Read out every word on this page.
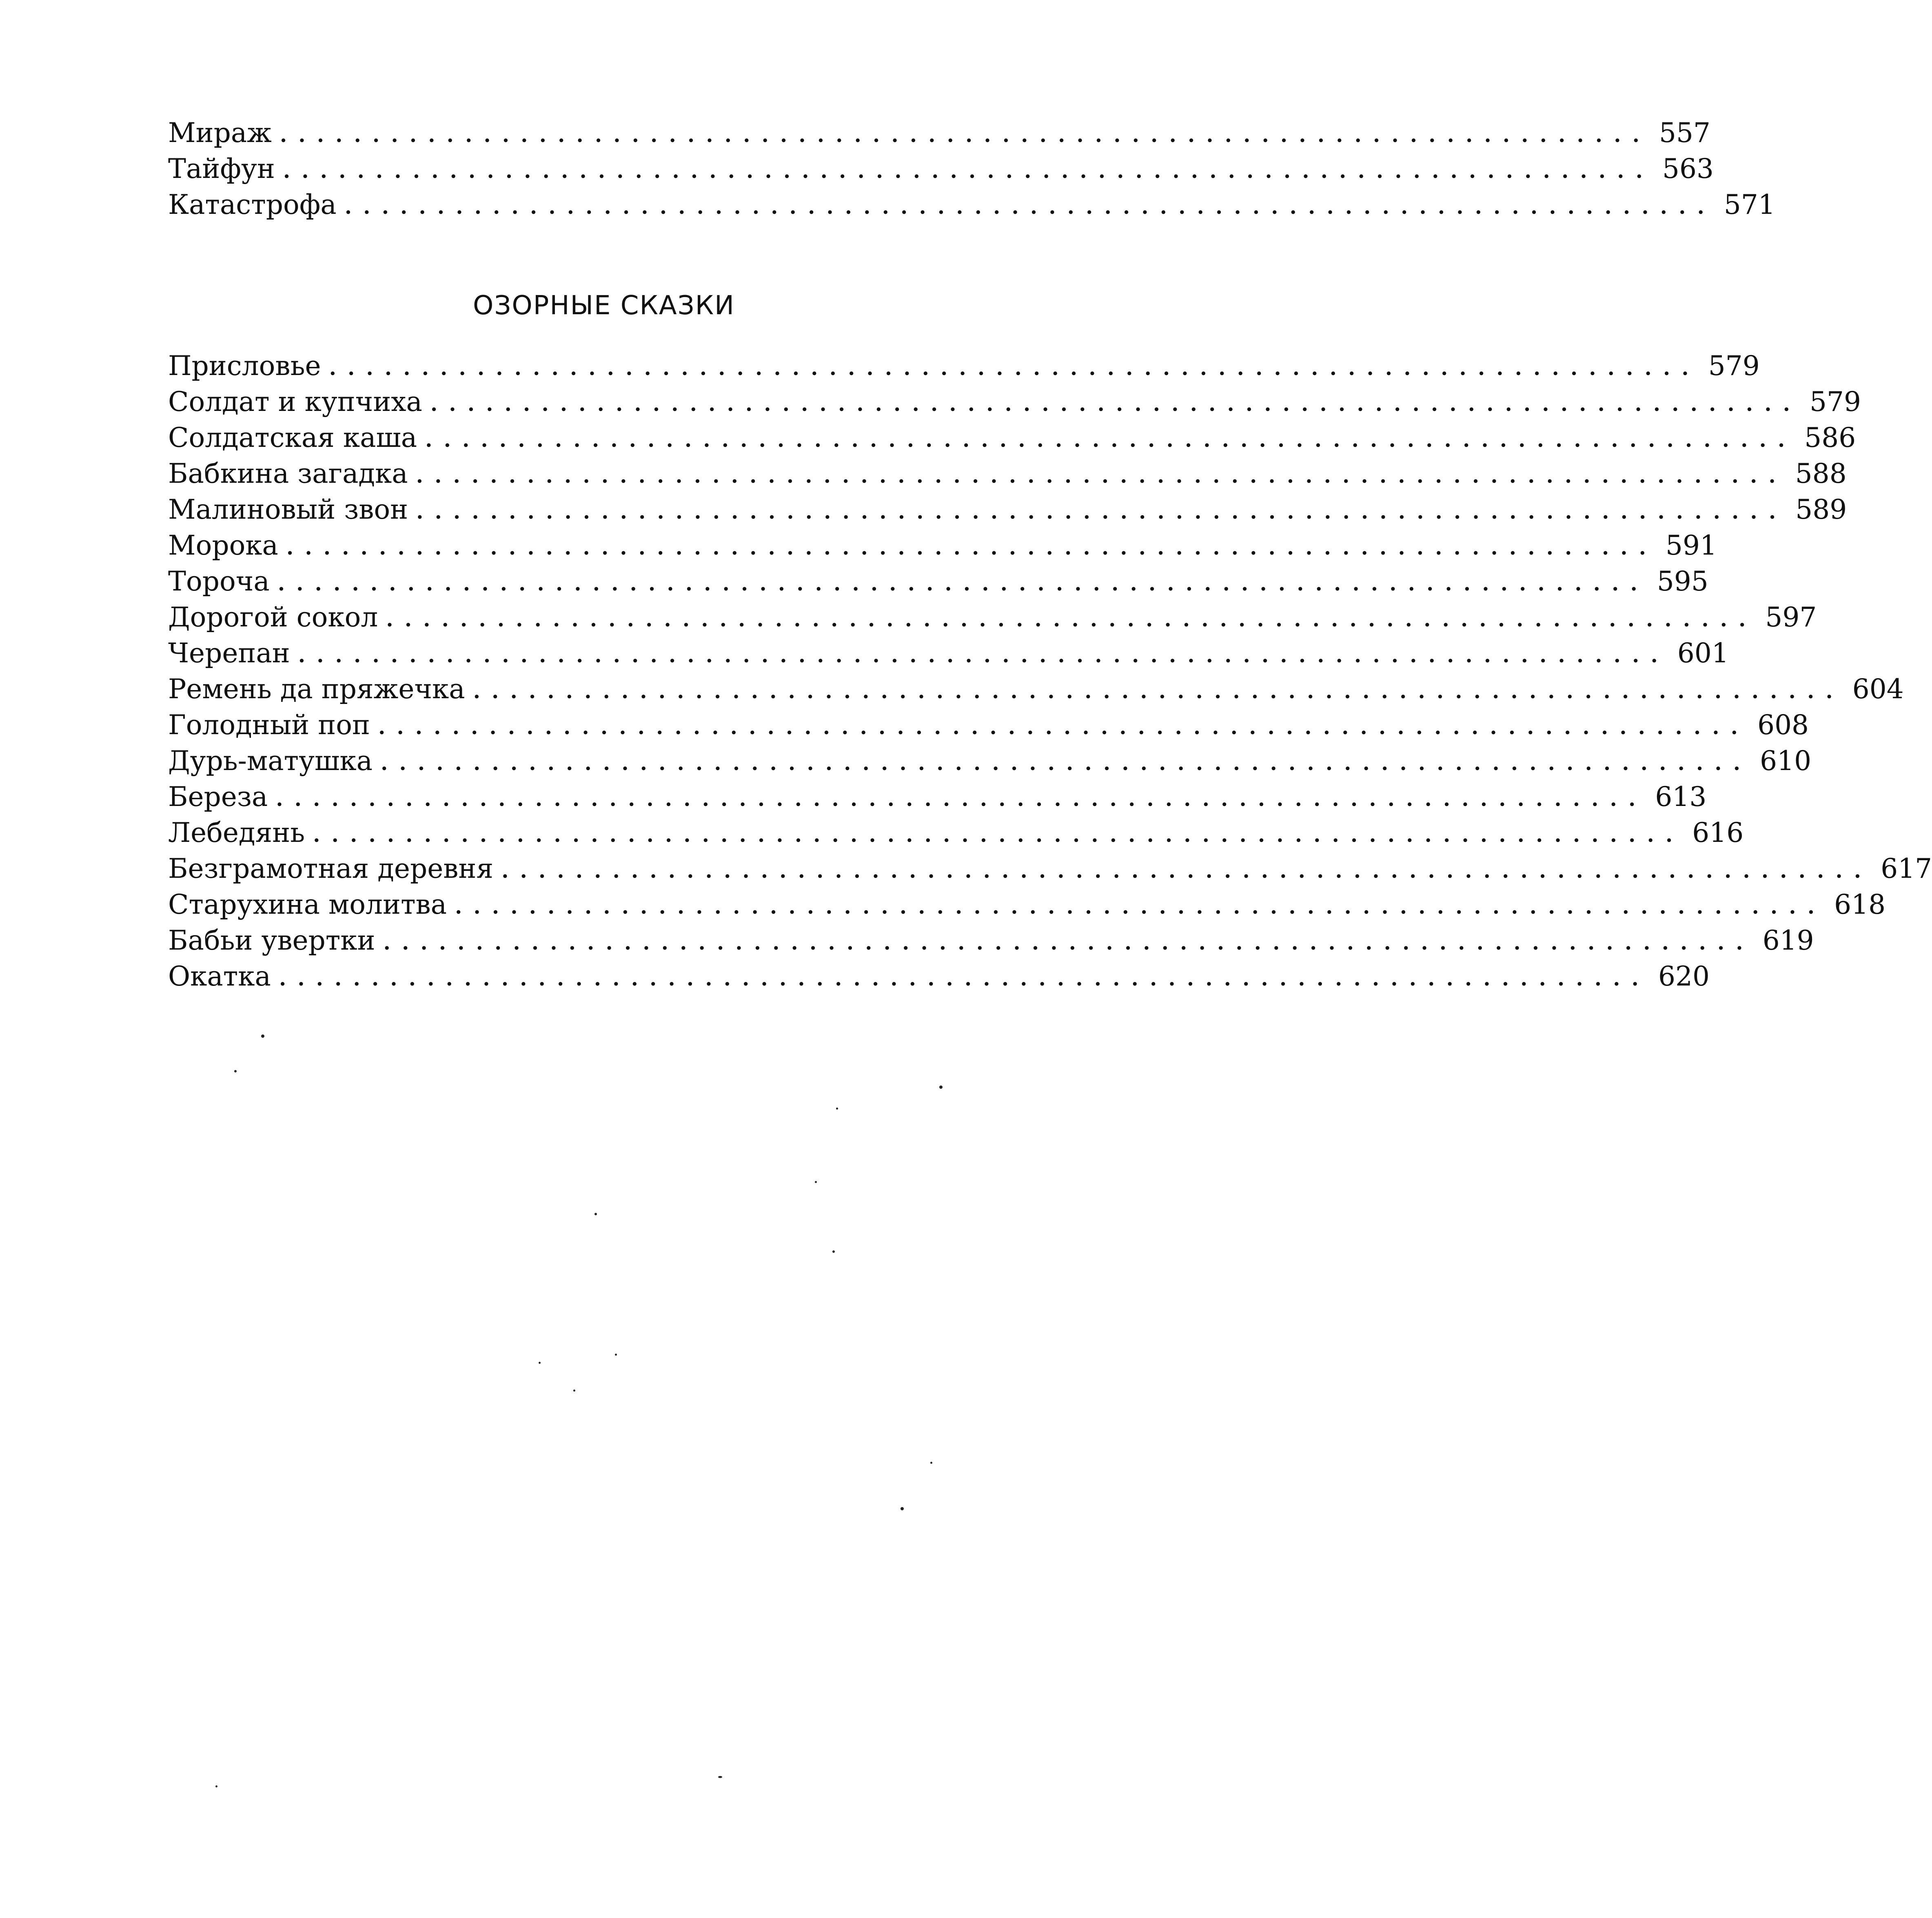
Мираж .......................................................................... 557
Тайфун .......................................................................... 563
Катастрофа .......................................................................... 571
ОЗОРНЫЕ СКАЗКИ
Присловье .......................................................................... 579
Солдат и купчиха .......................................................................... 579
Солдатская каша .......................................................................... 586
Бабкина загадка .......................................................................... 588
Малиновый звон .......................................................................... 589
Морока .......................................................................... 591
Тороча .......................................................................... 595
Дорогой сокол .......................................................................... 597
Черепан .......................................................................... 601
Ремень да пряжечка .......................................................................... 604
Голодный поп .......................................................................... 608
Дурь-матушка .......................................................................... 610
Береза .......................................................................... 613
Лебедянь .......................................................................... 616
Безграмотная деревня .......................................................................... 617
Старухина молитва .......................................................................... 618
Бабьи увертки .......................................................................... 619
Окатка .......................................................................... 620
